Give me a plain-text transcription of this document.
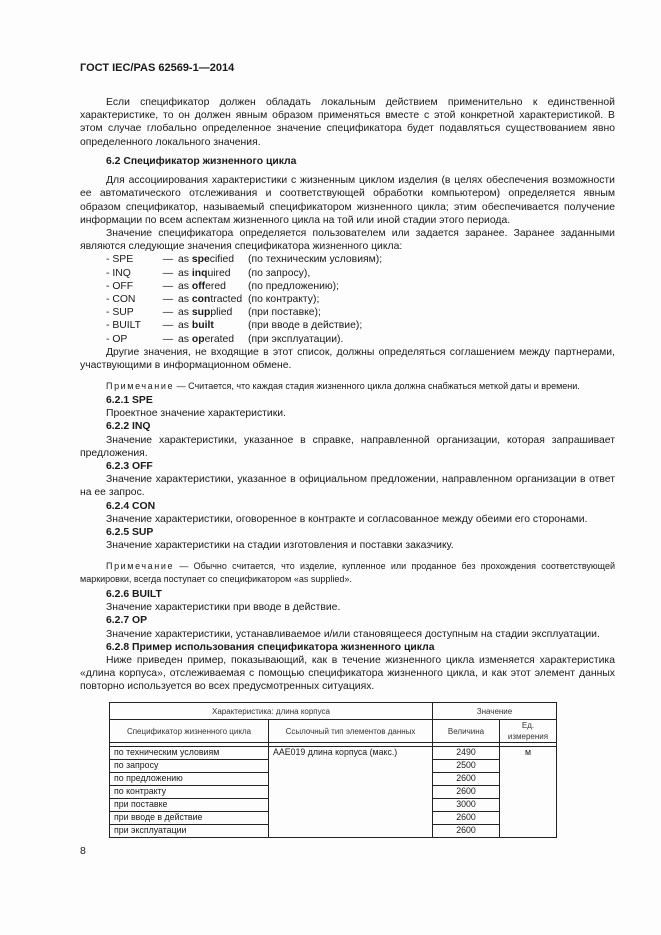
ГОСТ IEC/PAS 62569-1—2014

Если спецификатор должен обладать локальным действием применительно к единственной характеристике, то он должен явным образом применяться вместе с этой конкретной характеристикой. В этом случае глобально определенное значение спецификатора будет подавляться существованием явно определенного локального значения.

6.2 Спецификатор жизненного цикла

Для ассоциирования характеристики с жизненным циклом изделия (в целях обеспечения возможности ее автоматического отслеживания и соответствующей обработки компьютером) определяется явным образом спецификатор, называемый спецификатором жизненного цикла; этим обеспечивается получение информации по всем аспектам жизненного цикла на той или иной стадии этого периода.

Значение спецификатора определяется пользователем или задается заранее. Заранее заданными являются следующие значения спецификатора жизненного цикла:

- SPE	— as specified	(по техническим условиям);
- INQ	— as inquired	(по запросу),
- OFF	— as offered	(по предложению);
- CON	— as contracted (по контракту);
- SUP	— as supplied	(при поставке);
- BUILT	— as built	(при вводе в действие);
- OP	— as operated	(при эксплуатации).

Другие значения, не входящие в этот список, должны определяться соглашением между партнерами, участвующими в информационном обмене.

Примечание — Считается, что каждая стадия жизненного цикла должна снабжаться меткой даты и времени.

6.2.1 SPE

Проектное значение характеристики.

6.2.2 INQ

Значение характеристики, указанное в справке, направленной организации, которая запрашивает предложения.

6.2.3 OFF

Значение характеристики, указанное в официальном предложении, направленном организации в ответ на ее запрос.

6.2.4 CON

Значение характеристики, оговоренное в контракте и согласованное между обеими его сторонами.

6.2.5 SUP

Значение характеристики на стадии изготовления и поставки заказчику.

Примечание — Обычно считается, что изделие, купленное или проданное без прохождения соответствующей маркировки, всегда поступает со спецификатором «as supplied».

6.2.6 BUILT

Значение характеристики при вводе в действие.

6.2.7 OP

Значение характеристики, устанавливаемое и/или становящееся доступным на стадии эксплуатации.

6.2.8 Пример использования спецификатора жизненного цикла

Ниже приведен пример, показывающий, как в течение жизненного цикла изменяется характеристика «длина корпуса», отслеживаемая с помощью спецификатора жизненного цикла, и как этот элемент данных повторно используется во всех предусмотренных ситуациях.

Характеристика: длина корпуса		Значение	
Спецификатор жизненного цикла	Ссылочный тип элементов данных	Величина	Ед. измерения

по техническим условиям	AAE019 длина корпуса (макс.)	2490	м
по запросу		2500	
по предложению		2600	
по контракту		2600	
при поставке		3000	
при вводе в действие		2600	
при эксплуатации		2600	
8
